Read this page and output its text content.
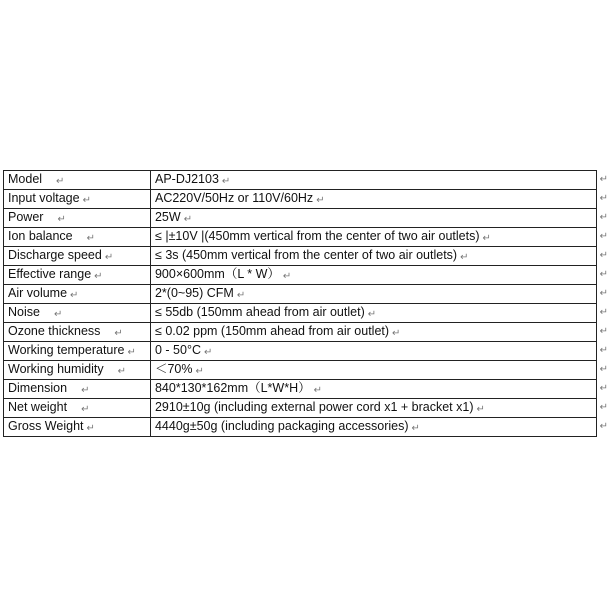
Model ↵	AP-DJ2103 ↵ ↵

Input voltage ↵	AC220V/50Hz or 110V/60Hz ↵ ↵

Power ↵	25W ↵ ↵

Ion balance ↵	≤ |±10V |(450mm vertical from the center of two air outlets) ↵ ↵

Discharge speed ↵	≤ 3s (450mm vertical from the center of two air outlets) ↵ ↵

Effective range ↵	900×600mm（L * W） ↵ ↵

Air volume ↵	2*(0~95) CFM ↵ ↵

Noise ↵	≤ 55db (150mm ahead from air outlet) ↵ ↵

Ozone thickness ↵	≤ 0.02 ppm (150mm ahead from air outlet) ↵ ↵

Working temperature ↵	0 - 50°C ↵ ↵

Working humidity ↵	＜70% ↵ ↵

Dimension ↵	840*130*162mm（L*W*H） ↵ ↵

Net weight ↵	2910±10g (including external power cord x1 + bracket x1) ↵ ↵

Gross Weight ↵	4440g±50g (including packaging accessories) ↵ ↵
